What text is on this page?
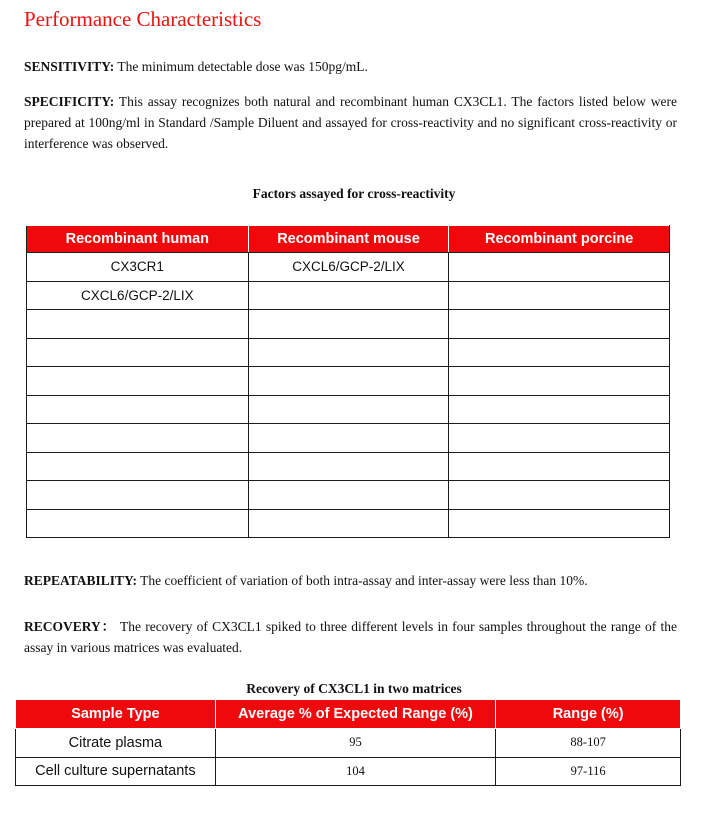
Performance Characteristics
SENSITIVITY: The minimum detectable dose was 150pg/mL.
SPECIFICITY: This assay recognizes both natural and recombinant human CX3CL1. The factors listed below were prepared at 100ng/ml in Standard /Sample Diluent and assayed for cross-reactivity and no significant cross-reactivity or interference was observed.
Factors assayed for cross-reactivity
Recombinant human	Recombinant mouse	Recombinant porcine
CX3CR1	CXCL6/GCP-2/LIX	
CXCL6/GCP-2/LIX		

REPEATABILITY: The coefficient of variation of both intra-assay and inter-assay were less than 10%.
RECOVERY： The recovery of CX3CL1 spiked to three different levels in four samples throughout the range of the assay in various matrices was evaluated.
Recovery of CX3CL1 in two matrices
Sample Type	Average % of Expected Range (%)	Range (%)
Citrate plasma	95	88-107
Cell culture supernatants	104	97-116
